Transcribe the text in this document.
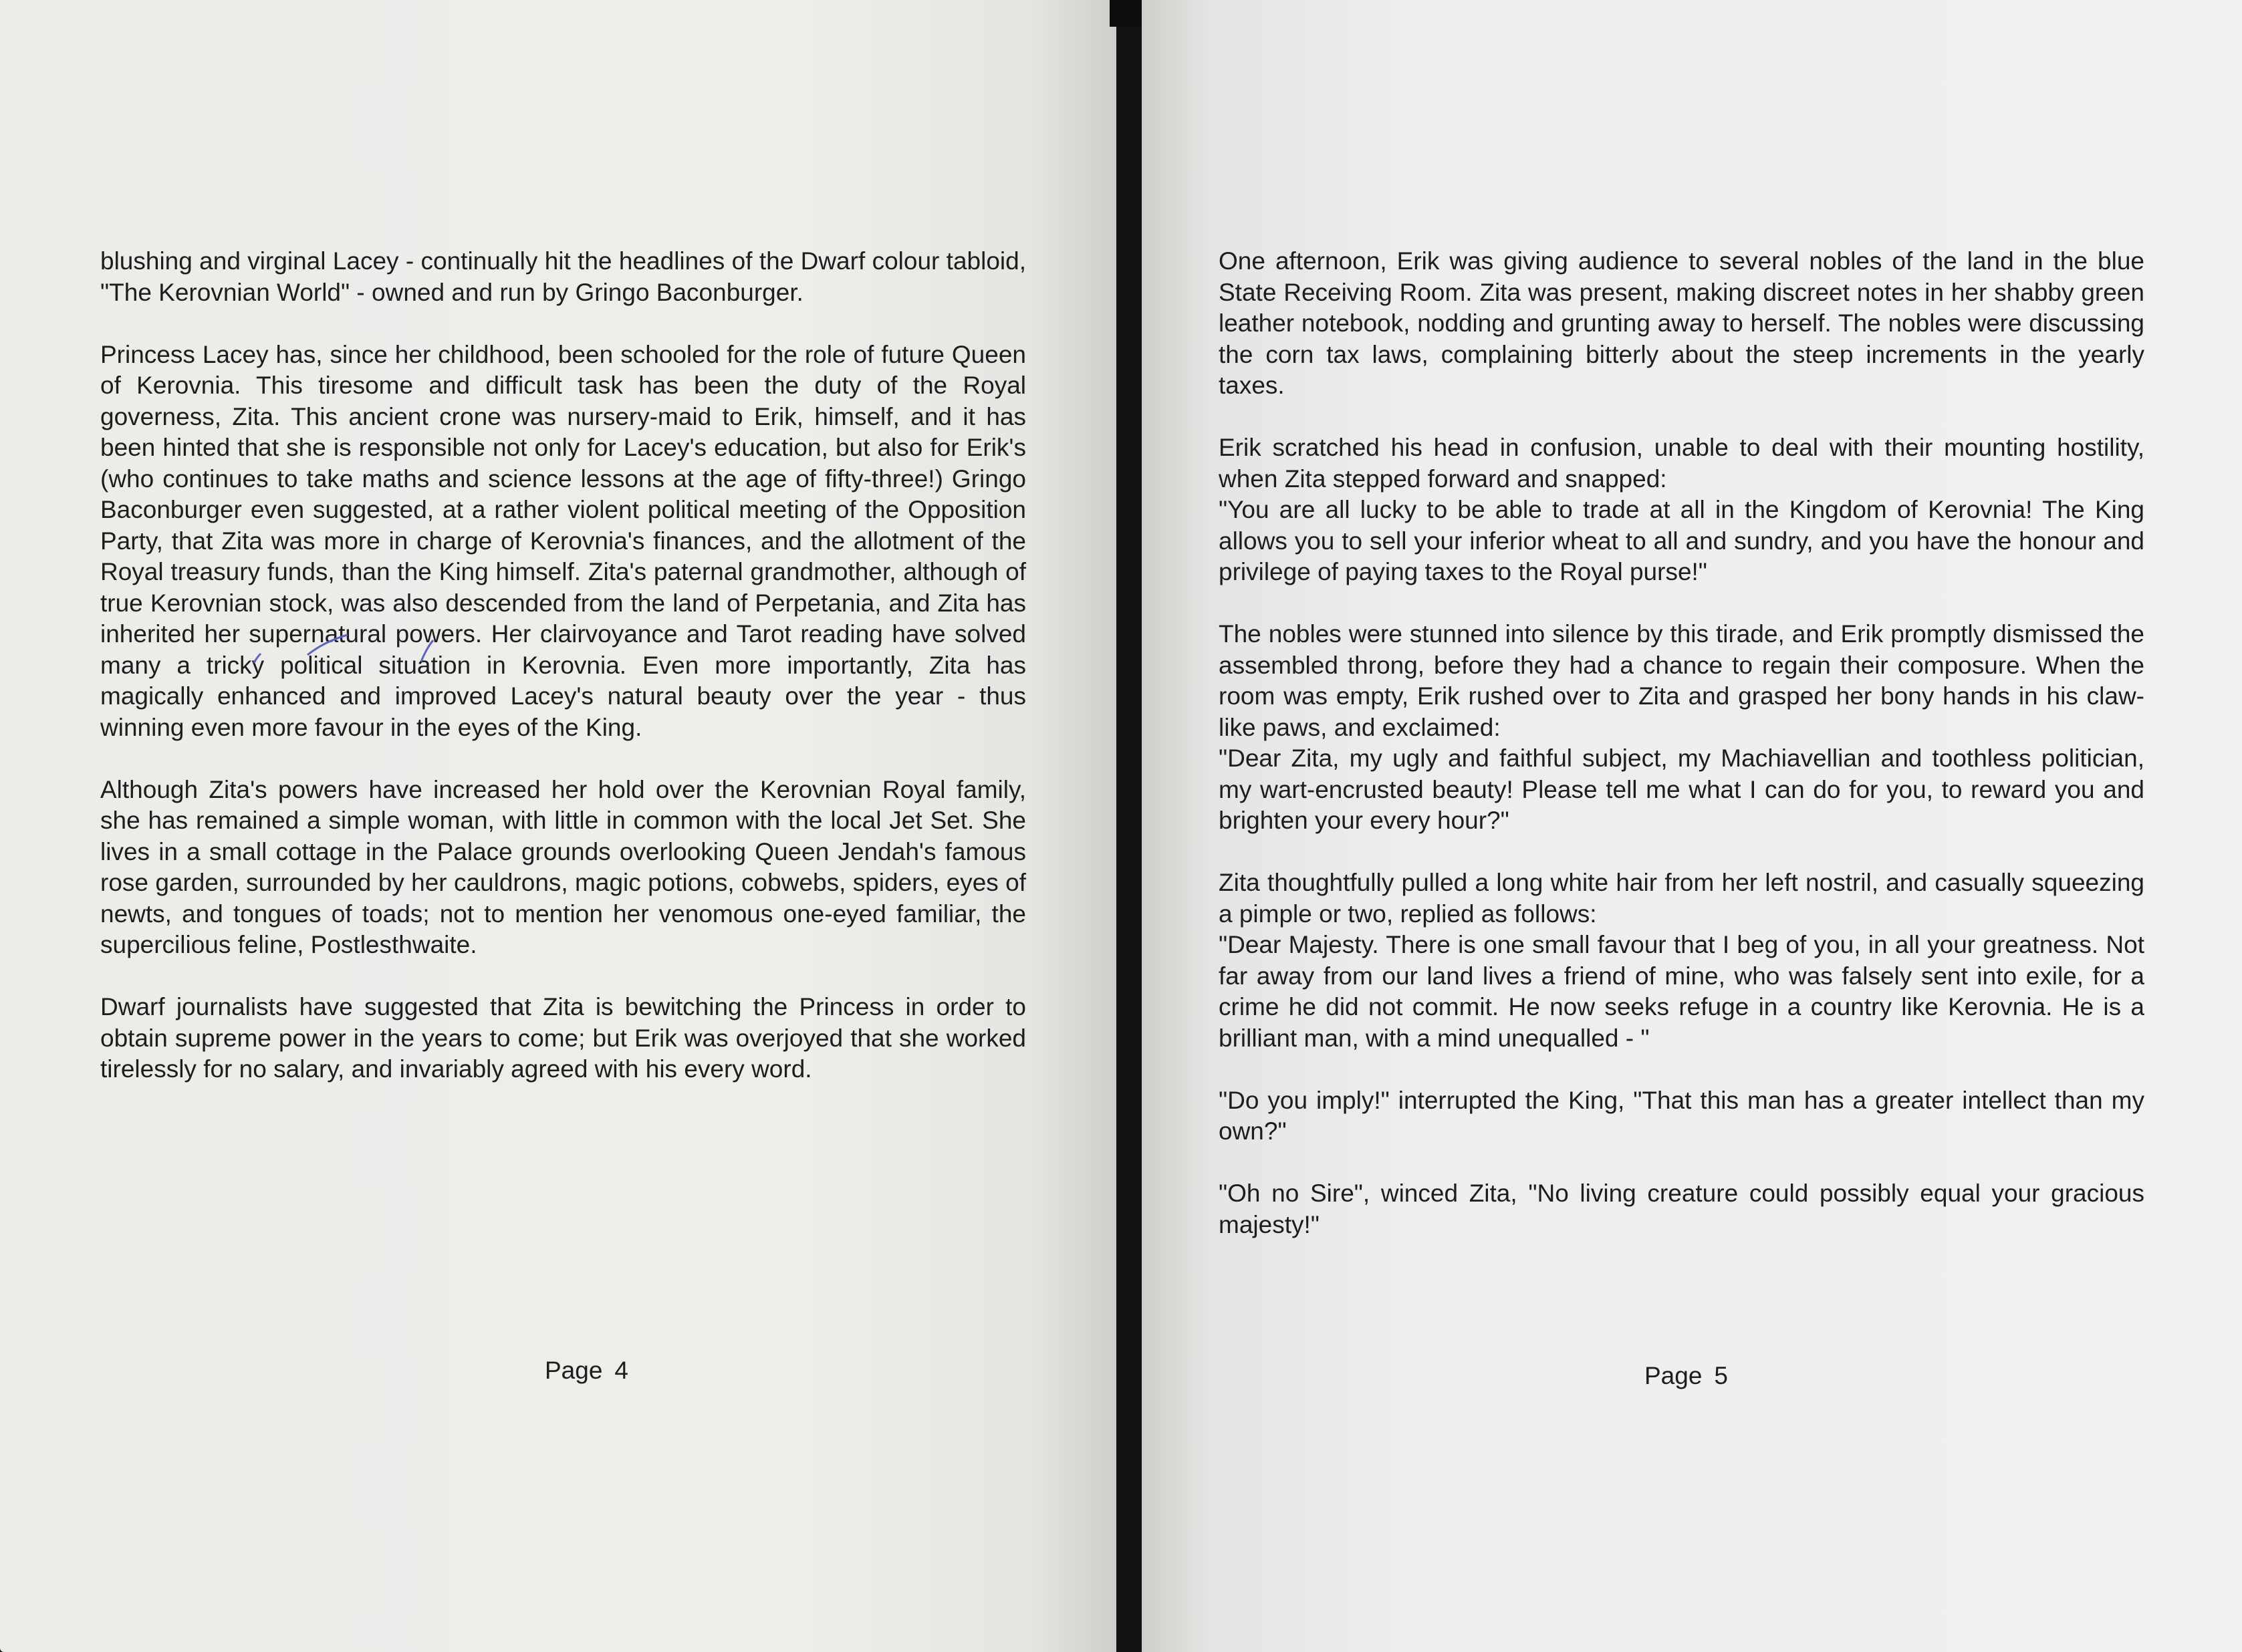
blushing and virginal Lacey - continually hit the headlines of the Dwarf colour tabloid, "The Kerovnian World" - owned and run by Gringo Baconburger.

Princess Lacey has, since her childhood, been schooled for the role of future Queen of Kerovnia. This tiresome and difficult task has been the duty of the Royal governess, Zita. This ancient crone was nursery-maid to Erik, himself, and it has been hinted that she is responsible not only for Lacey's education, but also for Erik's (who continues to take maths and science lessons at the age of fifty-three!) Gringo Baconburger even suggested, at a rather violent political meeting of the Opposition Party, that Zita was more in charge of Kerovnia's finances, and the allotment of the Royal treasury funds, than the King himself. Zita's paternal grandmother, although of true Kerovnian stock, was also descended from the land of Perpetania, and Zita has inherited her supernatural powers. Her clairvoyance and Tarot reading have solved many a tricky political situation in Kerovnia. Even more importantly, Zita has magically enhanced and improved Lacey's natural beauty over the year - thus winning even more favour in the eyes of the King.

Although Zita's powers have increased her hold over the Kerovnian Royal family, she has remained a simple woman, with little in common with the local Jet Set. She lives in a small cottage in the Palace grounds overlooking Queen Jendah's famous rose garden, surrounded by her cauldrons, magic potions, cobwebs, spiders, eyes of newts, and tongues of toads; not to mention her venomous one-eyed familiar, the supercilious feline, Postlesthwaite.

Dwarf journalists have suggested that Zita is bewitching the Princess in order to obtain supreme power in the years to come; but Erik was overjoyed that she worked tirelessly for no salary, and invariably agreed with his every word.

Page 4

One afternoon, Erik was giving audience to several nobles of the land in the blue State Receiving Room. Zita was present, making discreet notes in her shabby green leather notebook, nodding and grunting away to herself. The nobles were discussing the corn tax laws, complaining bitterly about the steep increments in the yearly taxes.

Erik scratched his head in confusion, unable to deal with their mounting hostility, when Zita stepped forward and snapped:

"You are all lucky to be able to trade at all in the Kingdom of Kerovnia! The King allows you to sell your inferior wheat to all and sundry, and you have the honour and privilege of paying taxes to the Royal purse!"

The nobles were stunned into silence by this tirade, and Erik promptly dismissed the assembled throng, before they had a chance to regain their composure. When the room was empty, Erik rushed over to Zita and grasped her bony hands in his claw-like paws, and exclaimed:

"Dear Zita, my ugly and faithful subject, my Machiavellian and toothless politician, my wart-encrusted beauty! Please tell me what I can do for you, to reward you and brighten your every hour?"

Zita thoughtfully pulled a long white hair from her left nostril, and casually squeezing a pimple or two, replied as follows:

"Dear Majesty. There is one small favour that I beg of you, in all your greatness. Not far away from our land lives a friend of mine, who was falsely sent into exile, for a crime he did not commit. He now seeks refuge in a country like Kerovnia. He is a brilliant man, with a mind unequalled - "

"Do you imply!" interrupted the King, "That this man has a greater intellect than my own?"

"Oh no Sire", winced Zita, "No living creature could possibly equal your gracious majesty!"

Page 5
